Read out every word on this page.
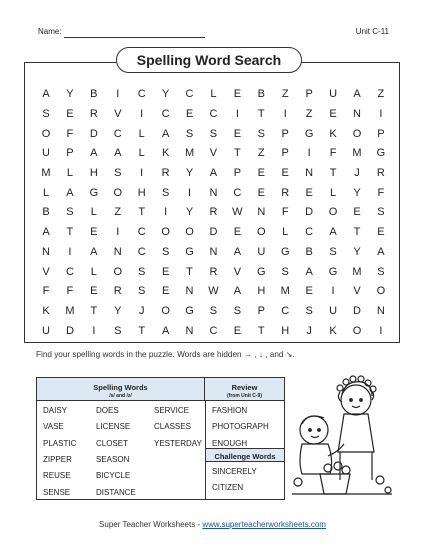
Name:	Unit C-11
Spelling Word Search
A	Y	B	I	C	Y	C	L	E	B	Z	P	U	A	Z
S	E	R	V	I	C	E	C	I	T	I	Z	E	N	I
O	F	D	C	L	A	S	S	E	S	P	G	K	O	P
U	P	A	A	L	K	M	V	T	Z	P	I	F	M	G
M	L	H	S	I	R	Y	A	P	E	E	N	T	J	R
L	A	G	O	H	S	I	N	C	E	R	E	L	Y	F
B	S	L	Z	T	I	Y	R	W	N	F	D	O	E	S
A	T	E	I	C	O	O	D	E	O	L	C	A	T	E
N	I	A	N	C	S	G	N	A	U	G	B	S	Y	A
V	C	L	O	S	E	T	R	V	G	S	A	G	M	S
F	F	E	R	S	E	N	W	A	H	M	E	I	V	O
K	M	T	Y	J	O	G	S	S	P	C	S	U	D	N
U	D	I	S	T	A	N	C	E	T	H	J	K	O	I
Find your spelling words in the puzzle. Words are hidden → , ↓ , and ↘.
Spelling Words
/s/ and /z/
Review
(from Unit C-9)
Challenge Words
DAISY
VASE
PLASTIC
ZIPPER
REUSE
SENSE
DOES
LICENSE
CLOSET
SEASON
BICYCLE
DISTANCE
SERVICE
CLASSES
YESTERDAY
FASHION
PHOTOGRAPH
ENOUGH
SINCERELY
CITIZEN
Super Teacher Worksheets - www.superteacherworksheets.com
